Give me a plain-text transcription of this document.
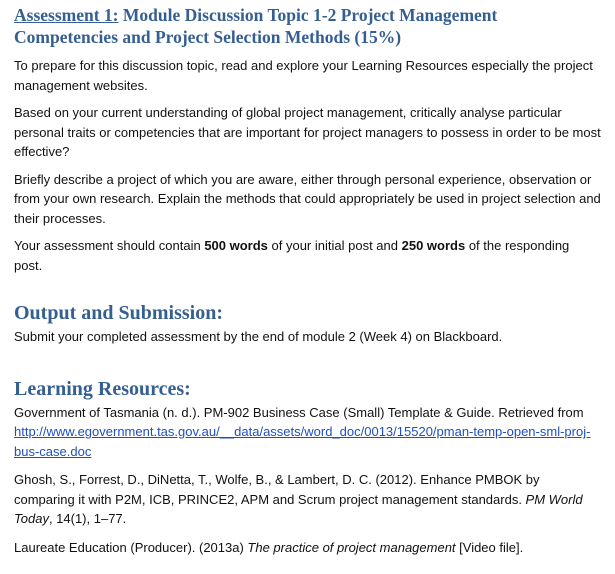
Assessment 1: Module Discussion Topic 1-2 Project Management Competencies and Project Selection Methods (15%)

To prepare for this discussion topic, read and explore your Learning Resources especially the project management websites.

Based on your current understanding of global project management, critically analyse particular personal traits or competencies that are important for project managers to possess in order to be most effective?

Briefly describe a project of which you are aware, either through personal experience, observation or from your own research. Explain the methods that could appropriately be used in project selection and their processes.

Your assessment should contain 500 words of your initial post and 250 words of the responding post.

Output and Submission:

Submit your completed assessment by the end of module 2 (Week 4) on Blackboard.

Learning Resources:

Government of Tasmania (n. d.). PM-902 Business Case (Small) Template & Guide. Retrieved from http://www.egovernment.tas.gov.au/__data/assets/word_doc/0013/15520/pman-temp-open-sml-proj-bus-case.doc

Ghosh, S., Forrest, D., DiNetta, T., Wolfe, B., & Lambert, D. C. (2012). Enhance PMBOK by comparing it with P2M, ICB, PRINCE2, APM and Scrum project management standards. PM World Today, 14(1), 1–77.

Laureate Education (Producer). (2013a) The practice of project management [Video file].
